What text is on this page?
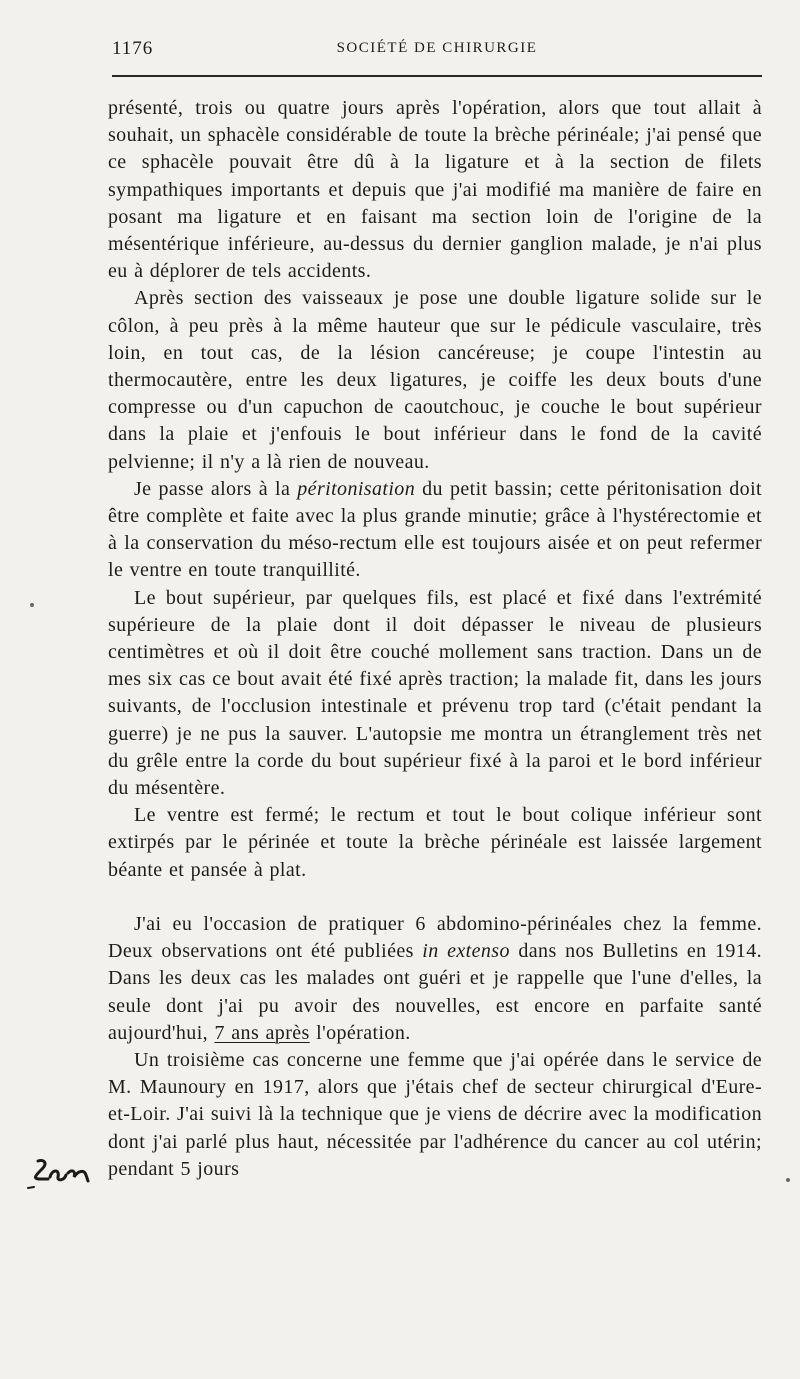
1176	SOCIÉTÉ DE CHIRURGIE

présenté, trois ou quatre jours après l'opération, alors que tout allait à souhait, un sphacèle considérable de toute la brèche périnéale; j'ai pensé que ce sphacèle pouvait être dû à la ligature et à la section de filets sympathiques importants et depuis que j'ai modifié ma manière de faire en posant ma ligature et en faisant ma section loin de l'origine de la mésentérique inférieure, au-dessus du dernier ganglion malade, je n'ai plus eu à déplorer de tels accidents.

Après section des vaisseaux je pose une double ligature solide sur le côlon, à peu près à la même hauteur que sur le pédicule vasculaire, très loin, en tout cas, de la lésion cancéreuse; je coupe l'intestin au thermocautère, entre les deux ligatures, je coiffe les deux bouts d'une compresse ou d'un capuchon de caoutchouc, je couche le bout supérieur dans la plaie et j'enfouis le bout inférieur dans le fond de la cavité pelvienne; il n'y a là rien de nouveau.

Je passe alors à la péritonisation du petit bassin; cette péritonisation doit être complète et faite avec la plus grande minutie; grâce à l'hystérectomie et à la conservation du méso-rectum elle est toujours aisée et on peut refermer le ventre en toute tranquillité.

Le bout supérieur, par quelques fils, est placé et fixé dans l'extrémité supérieure de la plaie dont il doit dépasser le niveau de plusieurs centimètres et où il doit être couché mollement sans traction. Dans un de mes six cas ce bout avait été fixé après traction; la malade fit, dans les jours suivants, de l'occlusion intestinale et prévenu trop tard (c'était pendant la guerre) je ne pus la sauver. L'autopsie me montra un étranglement très net du grêle entre la corde du bout supérieur fixé à la paroi et le bord inférieur du mésentère.

Le ventre est fermé; le rectum et tout le bout colique inférieur sont extirpés par le périnée et toute la brèche périnéale est laissée largement béante et pansée à plat.

J'ai eu l'occasion de pratiquer 6 abdomino-périnéales chez la femme. Deux observations ont été publiées in extenso dans nos Bulletins en 1914. Dans les deux cas les malades ont guéri et je rappelle que l'une d'elles, la seule dont j'ai pu avoir des nouvelles, est encore en parfaite santé aujourd'hui, 7 ans après l'opération.

Un troisième cas concerne une femme que j'ai opérée dans le service de M. Maunoury en 1917, alors que j'étais chef de secteur chirurgical d'Eure-et-Loir. J'ai suivi là la technique que je viens de décrire avec la modification dont j'ai parlé plus haut, nécessitée par l'adhérence du cancer au col utérin; pendant 5 jours
